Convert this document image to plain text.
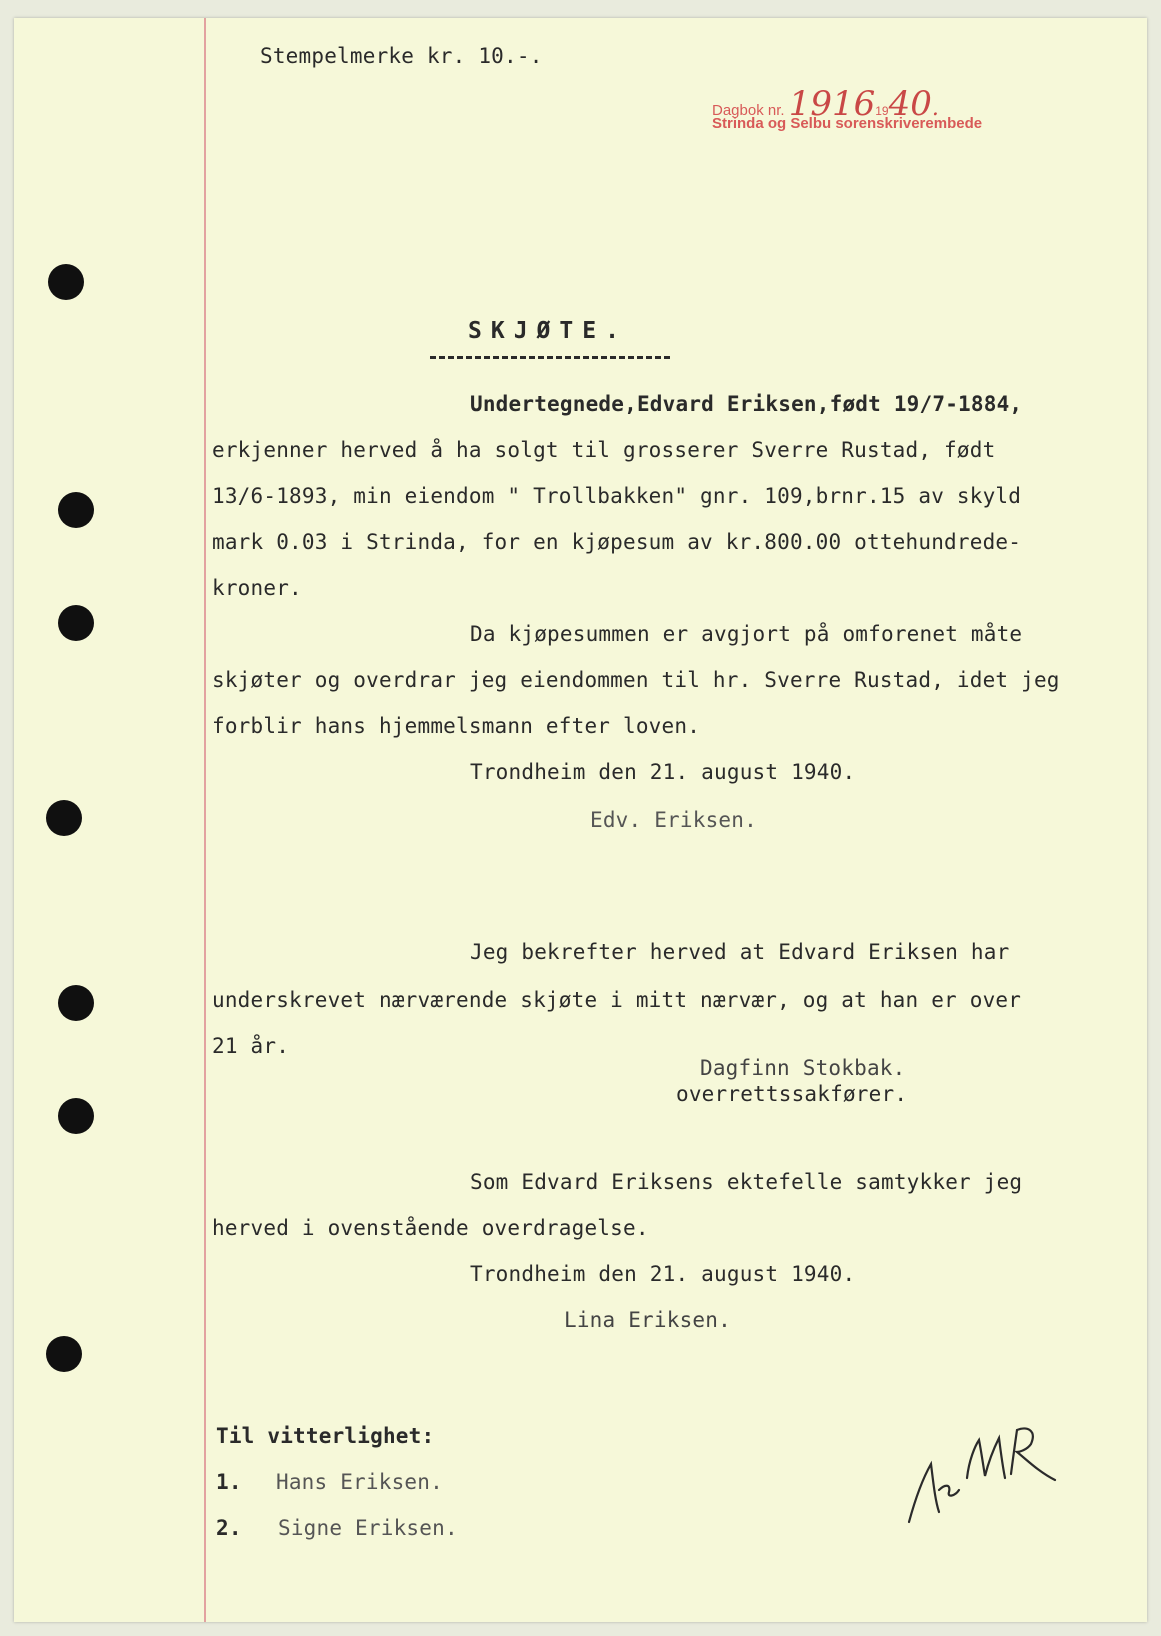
Stempelmerke kr. 10.-.
Dagbok nr. 19161940.
Strinda og Selbu sorenskriverembede
SKJØTE.
Undertegnede,Edvard Eriksen,født 19/7-1884,
erkjenner herved å ha solgt til grosserer Sverre Rustad, født
13/6-1893, min eiendom " Trollbakken" gnr. 109,brnr.15 av skyld
mark 0.03 i Strinda, for en kjøpesum av kr.800.00 ottehundrede-
kroner.
Da kjøpesummen er avgjort på omforenet måte
skjøter og overdrar jeg eiendommen til hr. Sverre Rustad, idet jeg
forblir hans hjemmelsmann efter loven.
Trondheim den 21. august 1940.
Edv. Eriksen.
Jeg bekrefter herved at Edvard Eriksen har
underskrevet nærværende skjøte i mitt nærvær, og at han er over
21 år.
Dagfinn Stokbak.
overrettssakfører.
Som Edvard Eriksens ektefelle samtykker jeg
herved i ovenstående overdragelse.
Trondheim den 21. august 1940.
Lina Eriksen.
Til vitterlighet:
1. Hans Eriksen.
2. Signe Eriksen.
